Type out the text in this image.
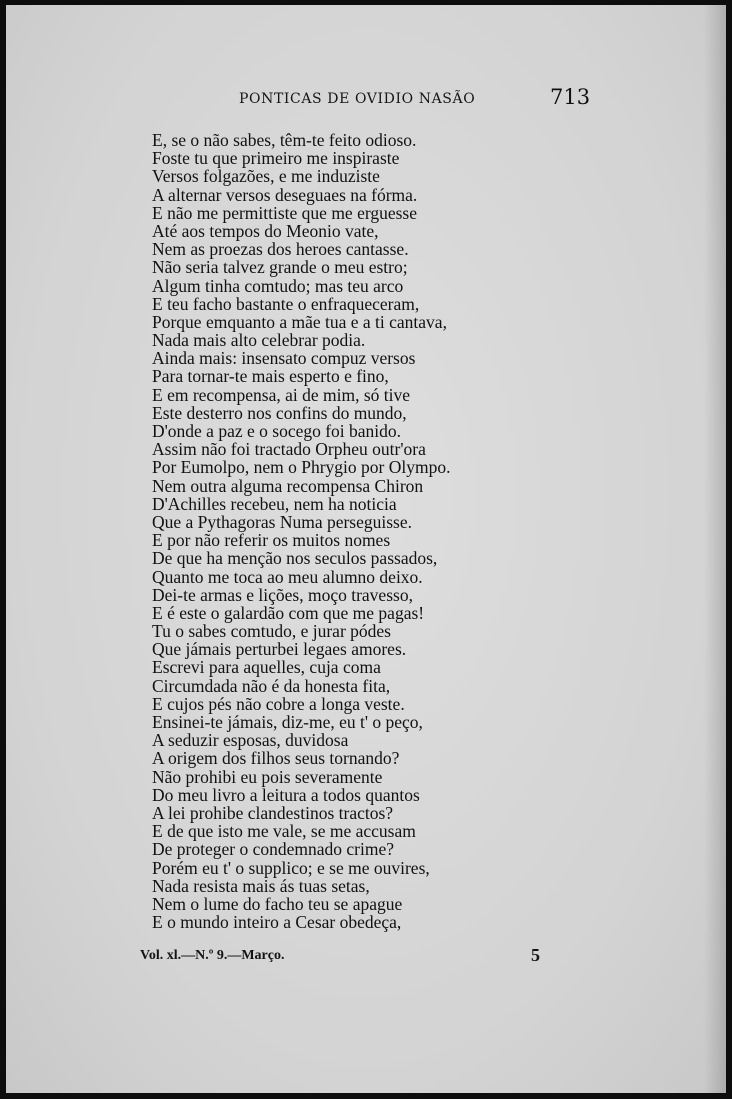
PONTICAS DE OVIDIO NASÃO	713
E, se o não sabes, têm-te feito odioso.
Foste tu que primeiro me inspiraste
Versos folgazões, e me induziste
A alternar versos deseguaes na fórma.
E não me permittiste que me erguesse
Até aos tempos do Meonio vate,
Nem as proezas dos heroes cantasse.
Não seria talvez grande o meu estro;
Algum tinha comtudo; mas teu arco
E teu facho bastante o enfraqueceram,
Porque emquanto a mãe tua e a ti cantava,
Nada mais alto celebrar podia.
Ainda mais: insensato compuz versos
Para tornar-te mais esperto e fino,
E em recompensa, ai de mim, só tive
Este desterro nos confins do mundo,
D'onde a paz e o socego foi banido.
Assim não foi tractado Orpheu outr'ora
Por Eumolpo, nem o Phrygio por Olympo.
Nem outra alguma recompensa Chiron
D'Achilles recebeu, nem ha noticia
Que a Pythagoras Numa perseguisse.
E por não referir os muitos nomes
De que ha menção nos seculos passados,
Quanto me toca ao meu alumno deixo.
Dei-te armas e lições, moço travesso,
E é este o galardão com que me pagas!
Tu o sabes comtudo, e jurar pódes
Que jámais perturbei legaes amores.
Escrevi para aquelles, cuja coma
Circumdada não é da honesta fita,
E cujos pés não cobre a longa veste.
Ensinei-te jámais, diz-me, eu t' o peço,
A seduzir esposas, duvidosa
A origem dos filhos seus tornando?
Não prohibi eu pois severamente
Do meu livro a leitura a todos quantos
A lei prohibe clandestinos tractos?
E de que isto me vale, se me accusam
De proteger o condemnado crime?
Porém eu t' o supplico; e se me ouvires,
Nada resista mais ás tuas setas,
Nem o lume do facho teu se apague
E o mundo inteiro a Cesar obedeça,
Vol. xl.—N.º 9.—Março.	5
